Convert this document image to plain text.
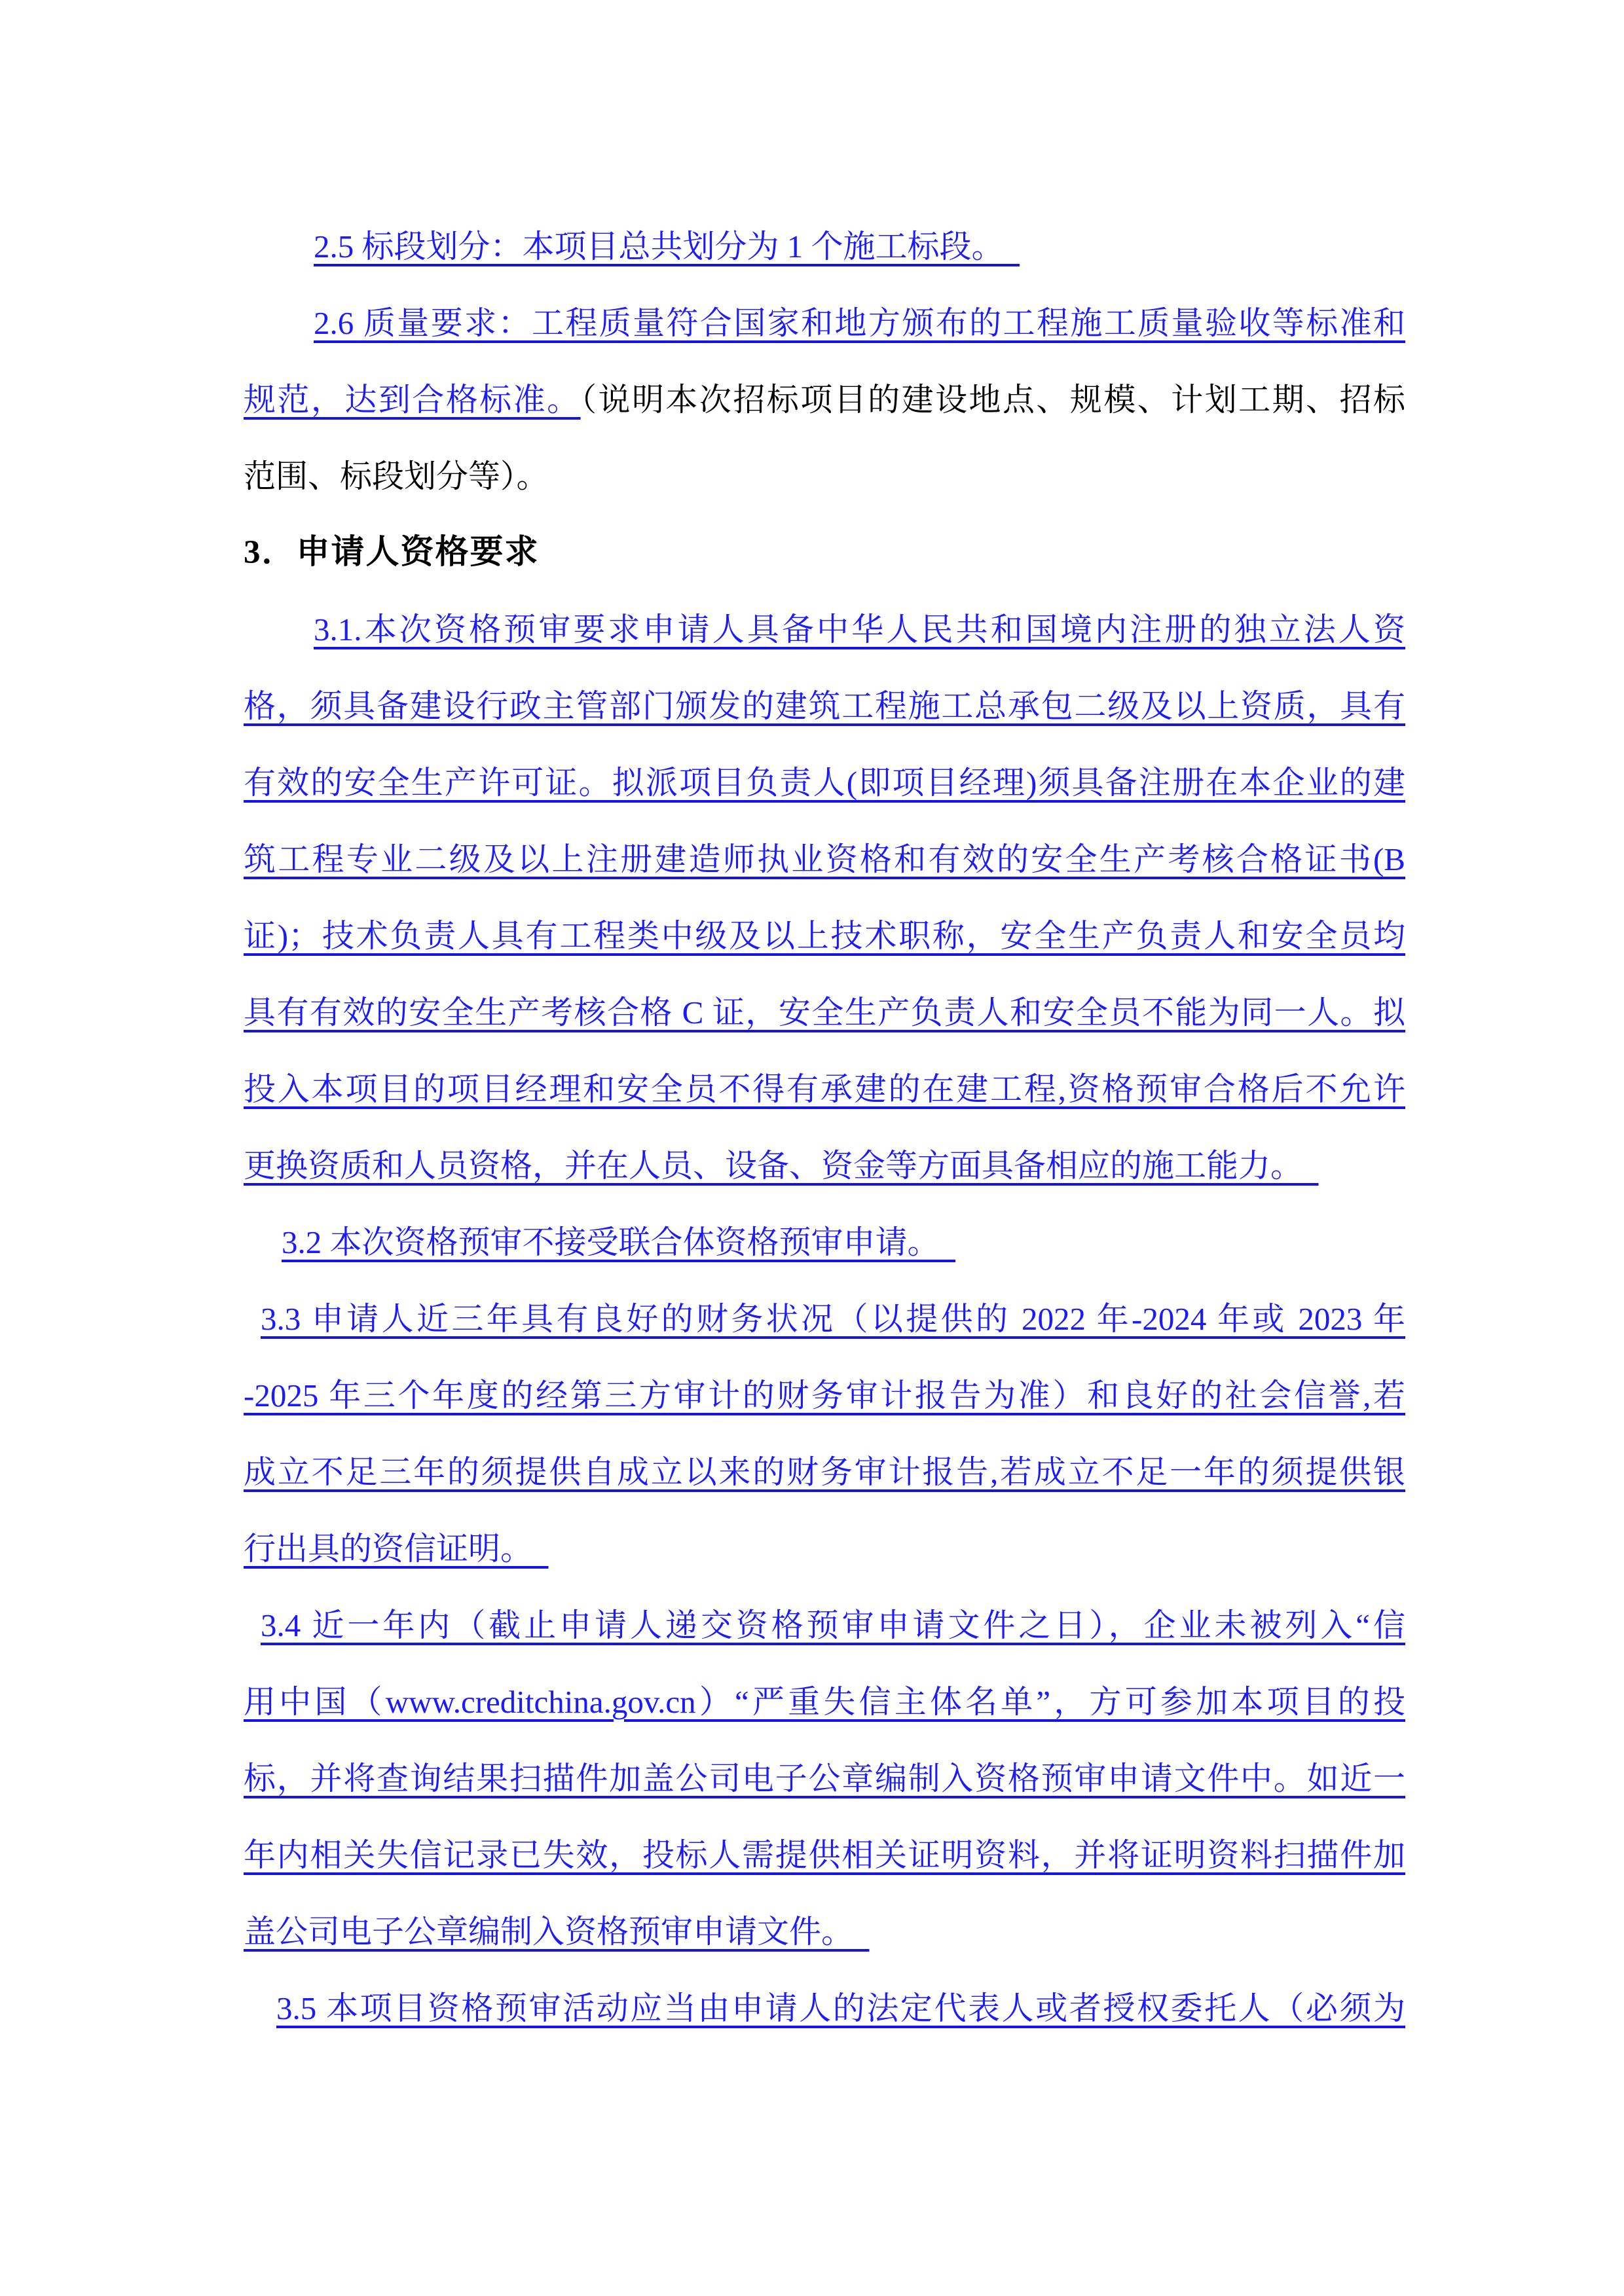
2.5 标段划分：本项目总共划分为 1 个施工标段。　
2.6 质量要求：工程质量符合国家和地方颁布的工程施工质量验收等标准和
规范，达到合格标准。（说明本次招标项目的建设地点、规模、计划工期、招标
范围、标段划分等）。
3．申请人资格要求
3.1.本次资格预审要求申请人具备中华人民共和国境内注册的独立法人资
格，须具备建设行政主管部门颁发的建筑工程施工总承包二级及以上资质，具有
有效的安全生产许可证。拟派项目负责人(即项目经理)须具备注册在本企业的建
筑工程专业二级及以上注册建造师执业资格和有效的安全生产考核合格证书(B
证)；技术负责人具有工程类中级及以上技术职称，安全生产负责人和安全员均
具有有效的安全生产考核合格 C 证，安全生产负责人和安全员不能为同一人。拟
投入本项目的项目经理和安全员不得有承建的在建工程,资格预审合格后不允许
更换资质和人员资格，并在人员、设备、资金等方面具备相应的施工能力。　
3.2 本次资格预审不接受联合体资格预审申请。　
3.3 申请人近三年具有良好的财务状况（以提供的 2022 年-2024 年或 2023 年
-2025 年三个年度的经第三方审计的财务审计报告为准）和良好的社会信誉,若
成立不足三年的须提供自成立以来的财务审计报告,若成立不足一年的须提供银
行出具的资信证明。　
3.4 近一年内（截止申请人递交资格预审申请文件之日），企业未被列入“信
用中国（www.creditchina.gov.cn）“严重失信主体名单”，方可参加本项目的投
标，并将查询结果扫描件加盖公司电子公章编制入资格预审申请文件中。如近一
年内相关失信记录已失效，投标人需提供相关证明资料，并将证明资料扫描件加
盖公司电子公章编制入资格预审申请文件。　
3.5 本项目资格预审活动应当由申请人的法定代表人或者授权委托人（必须为
